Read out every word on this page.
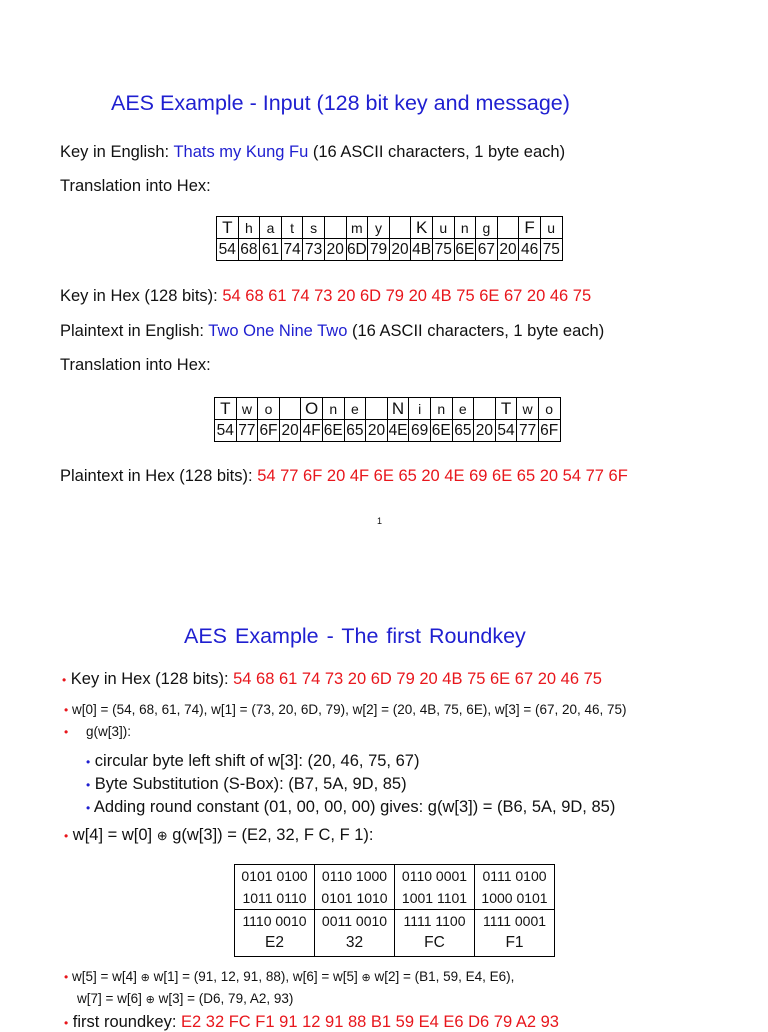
AES Example - Input (128 bit key and message)
Key in English: Thats my Kung Fu (16 ASCII characters, 1 byte each)
Translation into Hex:
T	h	a	t	s		m	y		K	u	n	g		F	u
54	68	61	74	73	20	6D	79	20	4B	75	6E	67	20	46	75
Key in Hex (128 bits): 54 68 61 74 73 20 6D 79 20 4B 75 6E 67 20 46 75
Plaintext in English: Two One Nine Two (16 ASCII characters, 1 byte each)
Translation into Hex:
T	w	o		O	n	e		N	i	n	e		T	w	o
54	77	6F	20	4F	6E	65	20	4E	69	6E	65	20	54	77	6F
Plaintext in Hex (128 bits): 54 77 6F 20 4F 6E 65 20 4E 69 6E 65 20 54 77 6F
1
AES Example - The first Roundkey
• Key in Hex (128 bits): 54 68 61 74 73 20 6D 79 20 4B 75 6E 67 20 46 75
• w[0] = (54, 68, 61, 74), w[1] = (73, 20, 6D, 79), w[2] = (20, 4B, 75, 6E), w[3] = (67, 20, 46, 75)
• g(w[3]):
• circular byte left shift of w[3]: (20, 46, 75, 67)
• Byte Substitution (S-Box): (B7, 5A, 9D, 85)
• Adding round constant (01, 00, 00, 00) gives: g(w[3]) = (B6, 5A, 9D, 85)
• w[4] = w[0] ⊕ g(w[3]) = (E2, 32, F C, F 1):
0101 0100	0110 1000	0110 0001	0111 0100
1011 0110	0101 1010	1001 1101	1000 0101
1110 0010	0011 0010	1111 1100	1111 0001
E2	32	FC	F1
• w[5] = w[4] ⊕ w[1] = (91, 12, 91, 88), w[6] = w[5] ⊕ w[2] = (B1, 59, E4, E6),
w[7] = w[6] ⊕ w[3] = (D6, 79, A2, 93)
• first roundkey: E2 32 FC F1 91 12 91 88 B1 59 E4 E6 D6 79 A2 93
